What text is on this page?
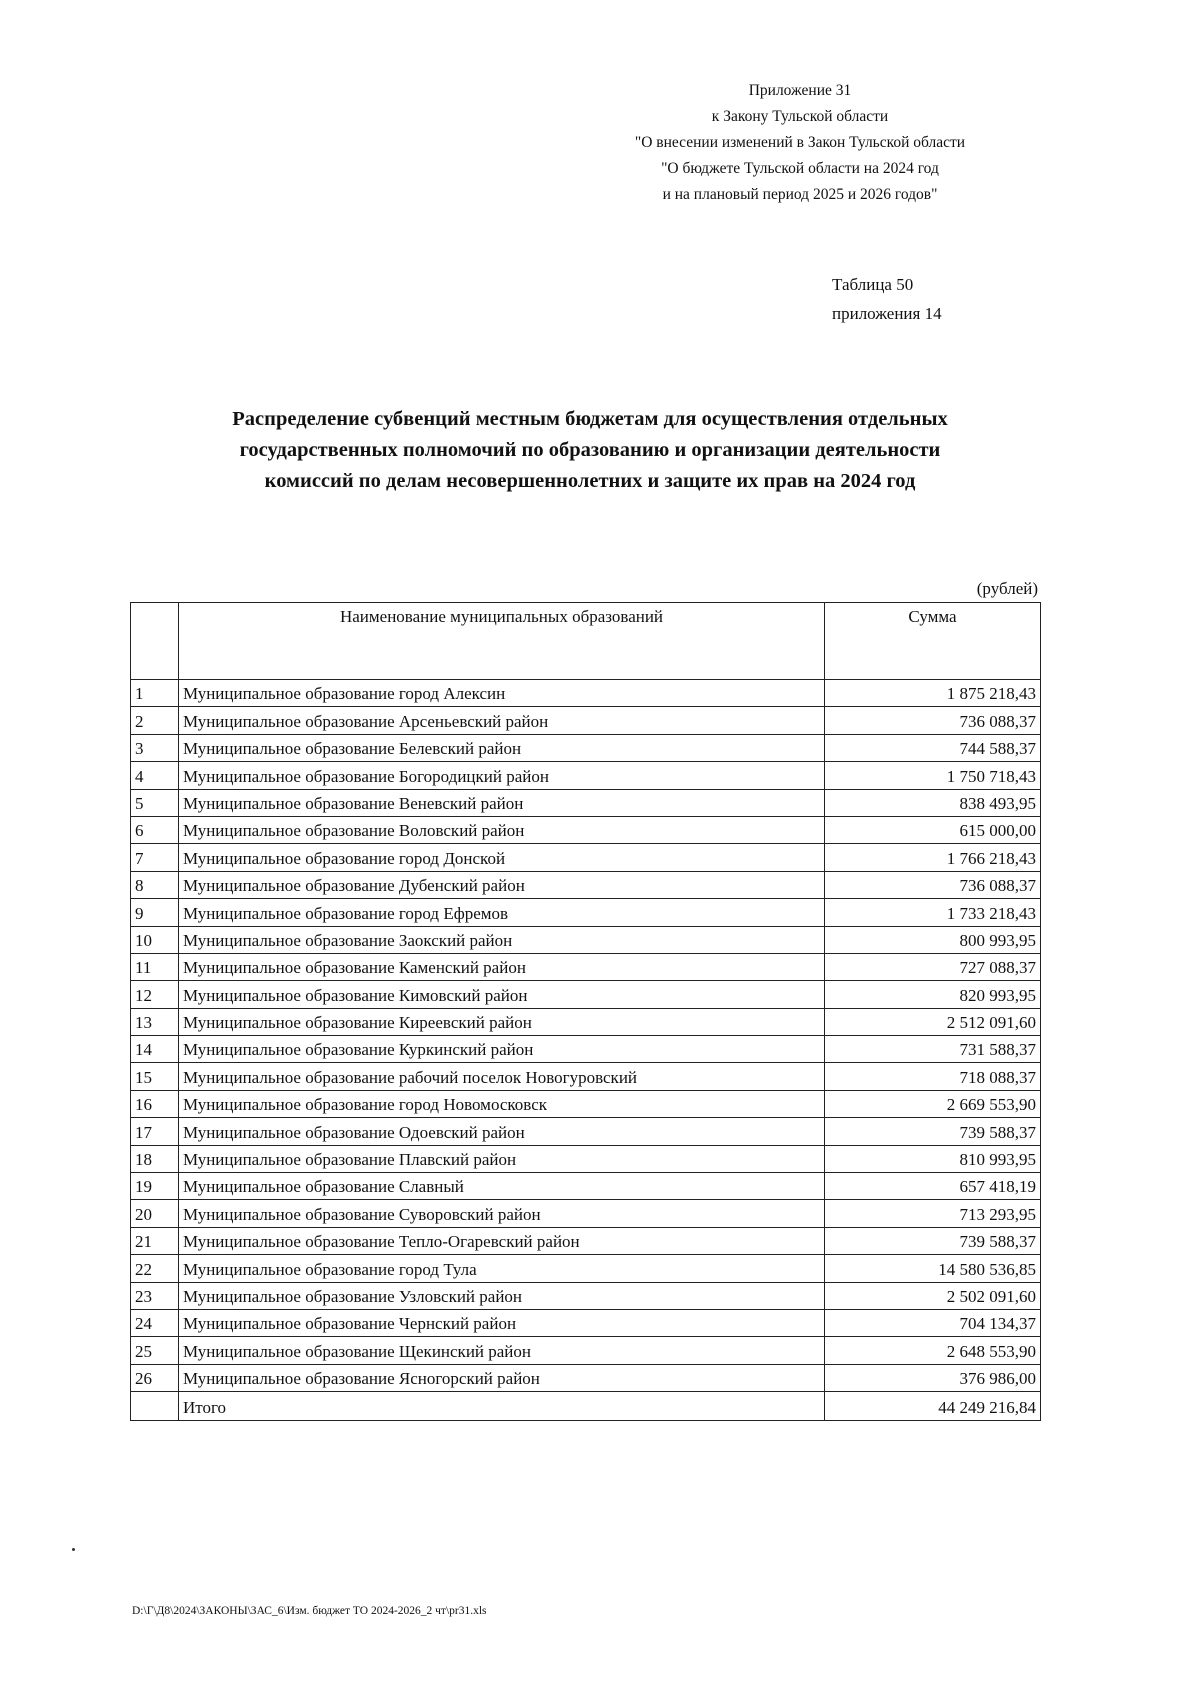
Приложение 31
к Закону Тульской области
"О внесении изменений в Закон Тульской области
"О бюджете Тульской области на 2024 год
и на плановый период 2025 и 2026 годов"
Таблица 50
приложения 14
Распределение субвенций местным бюджетам для осуществления отдельных
государственных полномочий по образованию и организации деятельности
комиссий по делам несовершеннолетних и защите их прав на 2024 год
(рублей)
	Наименование муниципальных образований	Сумма
1	Муниципальное образование город Алексин	1 875 218,43
2	Муниципальное образование Арсеньевский район	736 088,37
3	Муниципальное образование Белевский район	744 588,37
4	Муниципальное образование Богородицкий район	1 750 718,43
5	Муниципальное образование Веневский район	838 493,95
6	Муниципальное образование Воловский район	615 000,00
7	Муниципальное образование город Донской	1 766 218,43
8	Муниципальное образование Дубенский район	736 088,37
9	Муниципальное образование город Ефремов	1 733 218,43
10	Муниципальное образование Заокский район	800 993,95
11	Муниципальное образование Каменский район	727 088,37
12	Муниципальное образование Кимовский район	820 993,95
13	Муниципальное образование Киреевский район	2 512 091,60
14	Муниципальное образование Куркинский район	731 588,37
15	Муниципальное образование рабочий поселок Новогуровский	718 088,37
16	Муниципальное образование город Новомосковск	2 669 553,90
17	Муниципальное образование Одоевский район	739 588,37
18	Муниципальное образование Плавский район	810 993,95
19	Муниципальное образование Славный	657 418,19
20	Муниципальное образование Суворовский район	713 293,95
21	Муниципальное образование Тепло-Огаревский район	739 588,37
22	Муниципальное образование город Тула	14 580 536,85
23	Муниципальное образование Узловский район	2 502 091,60
24	Муниципальное образование Чернский район	704 134,37
25	Муниципальное образование Щекинский район	2 648 553,90
26	Муниципальное образование Ясногорский район	376 986,00
	Итого	44 249 216,84
D:\Г\Д8\2024\ЗАКОНЫ\ЗАС_6\Изм. бюджет ТО 2024-2026_2 чт\pr31.xls
